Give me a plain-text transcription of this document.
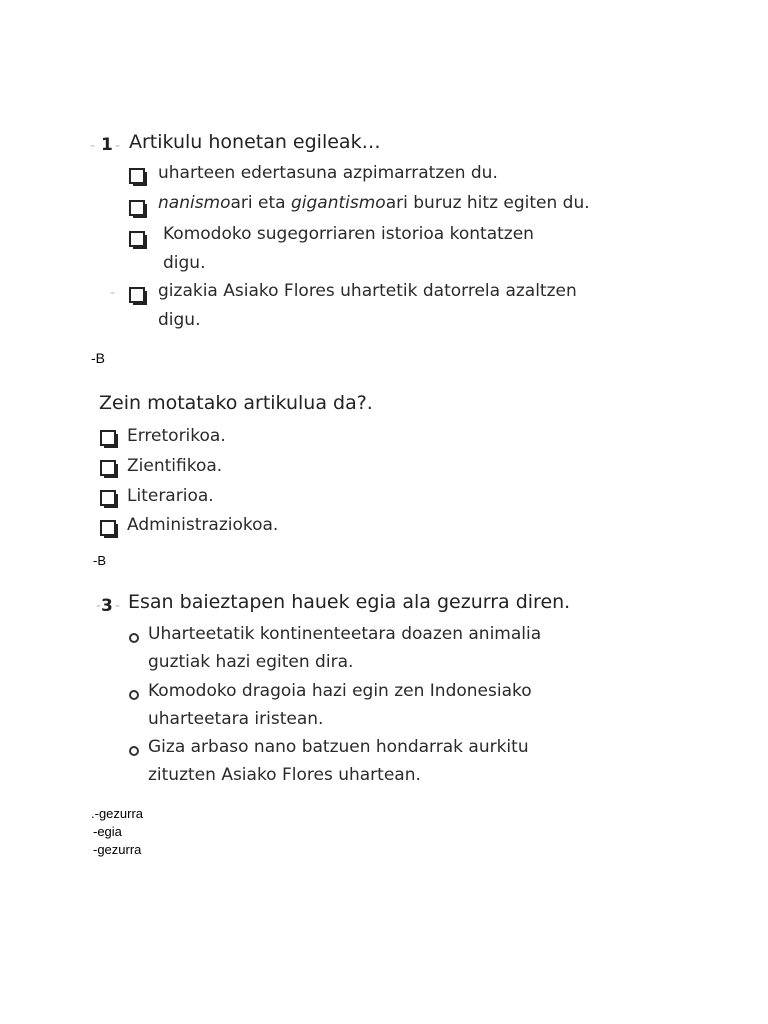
- 1 - Artikulu honetan egileak…
uharteen edertasuna azpimarratzen du.
nanismoari eta gigantismoari buruz hitz egiten du.
Komodoko sugegorriaren istorioa kontatzen
digu.
-	gizakia Asiako Flores uhartetik datorrela azaltzen
digu.
-B
Zein motatako artikulua da?.
Erretorikoa.
Zientifikoa.
Literarioa.
Administraziokoa.
-B
- 3 - Esan baieztapen hauek egia ala gezurra diren.
Uharteetatik kontinenteetara doazen animalia
guztiak hazi egiten dira.
Komodoko dragoia hazi egin zen Indonesiako
uharteetara iristean.
Giza arbaso nano batzuen hondarrak aurkitu
zituzten Asiako Flores uhartean.
.-gezurra
-egia
-gezurra
